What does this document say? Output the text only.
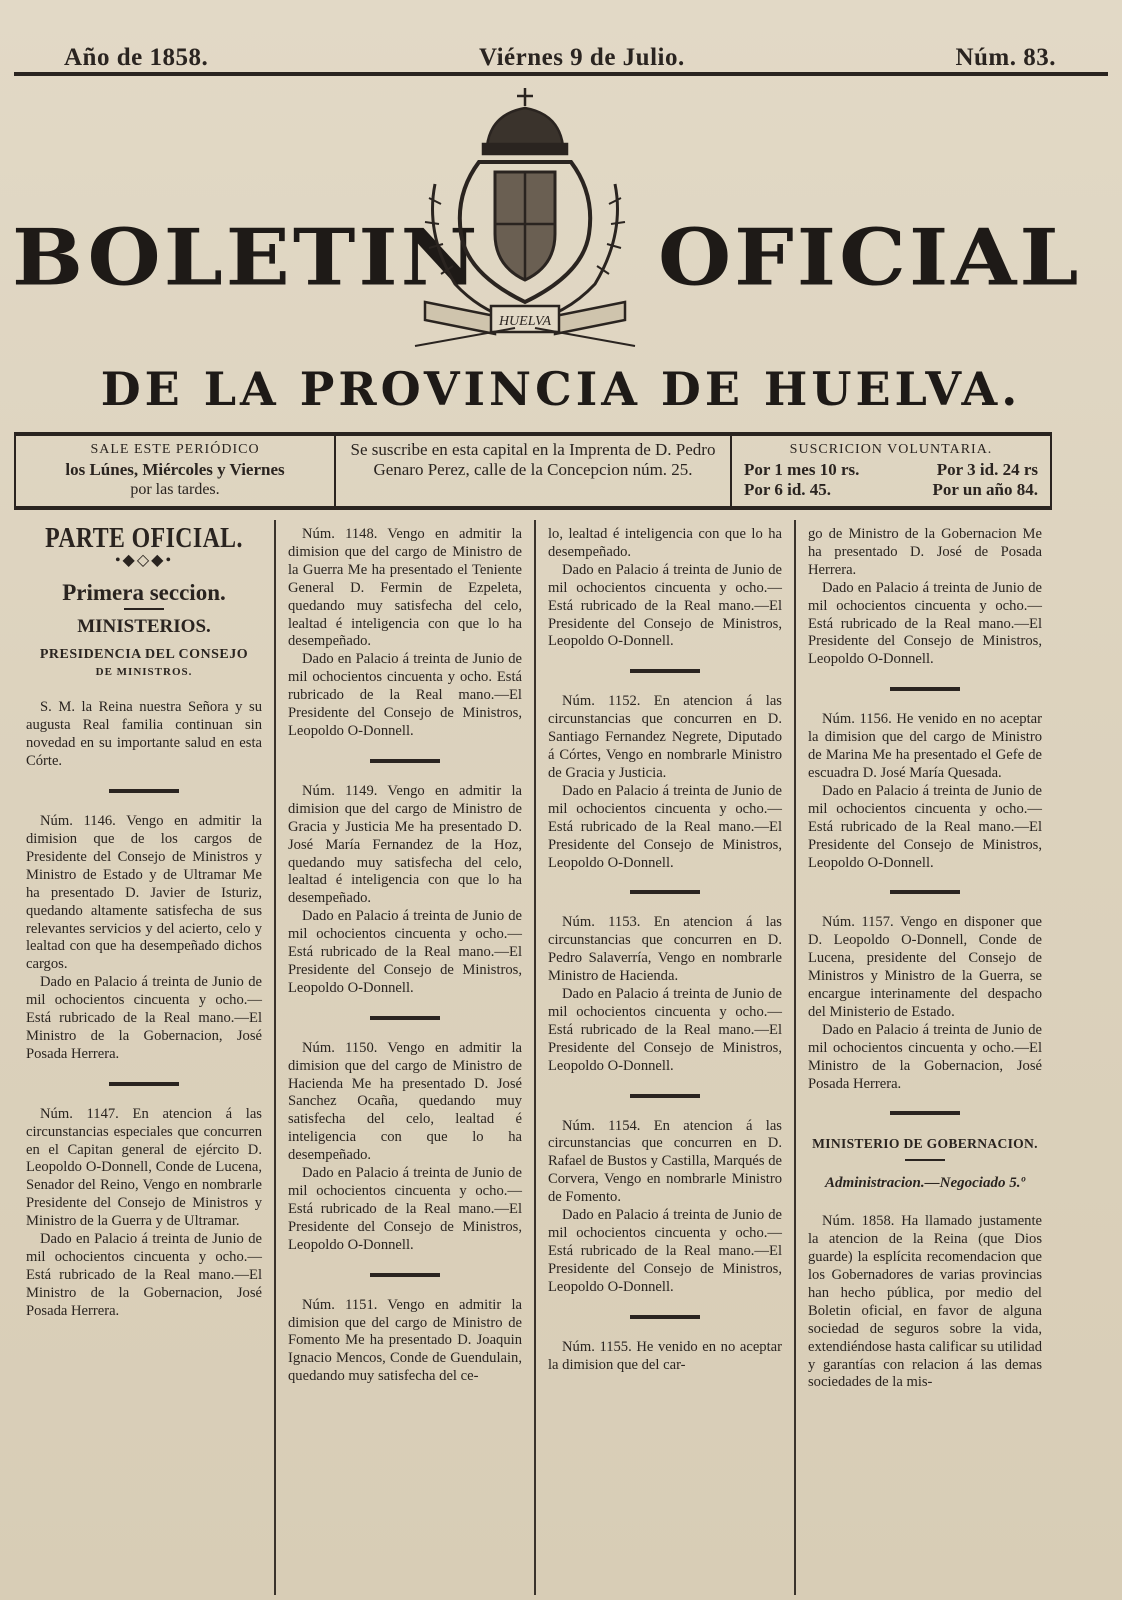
Año de 1858.	Viérnes 9 de Julio.	Núm. 83.
BOLETIN
HUELVA
OFICIAL
DE LA PROVINCIA DE HUELVA.
SALE ESTE PERIÓDICO
los Lúnes, Miércoles y Viernes
por las tardes.
Se suscribe en esta capital en la Imprenta de D. Pedro Genaro Perez, calle de la Concepcion núm. 25.
SUSCRICION VOLUNTARIA.
Por 1 mes 10 rs.	Por 3 id. 24 rs
Por 6 id. 45.	Por un año 84.
PARTE OFICIAL.
•◆◇◆•
Primera seccion.
MINISTERIOS.
PRESIDENCIA DEL CONSEJO
DE MINISTROS.

S. M. la Reina nuestra Señora y su augusta Real familia continuan sin novedad en su importante salud en esta Córte.

Núm. 1146. Vengo en admitir la dimision que de los cargos de Presidente del Consejo de Ministros y Ministro de Estado y de Ultramar Me ha presentado D. Javier de Isturiz, quedando altamente satisfecha de sus relevantes servicios y del acierto, celo y lealtad con que ha desempeñado dichos cargos.

Dado en Palacio á treinta de Junio de mil ochocientos cincuenta y ocho.—Está rubricado de la Real mano.—El Ministro de la Gobernacion, José Posada Herrera.

Núm. 1147. En atencion á las circunstancias especiales que concurren en el Capitan general de ejército D. Leopoldo O-Donnell, Conde de Lucena, Senador del Reino, Vengo en nombrarle Presidente del Consejo de Ministros y Ministro de la Guerra y de Ultramar.

Dado en Palacio á treinta de Junio de mil ochocientos cincuenta y ocho.—Está rubricado de la Real mano.—El Ministro de la Gobernacion, José Posada Herrera.

Núm. 1148. Vengo en admitir la dimision que del cargo de Ministro de la Guerra Me ha presentado el Teniente General D. Fermin de Ezpeleta, quedando muy satisfecha del celo, lealtad é inteligencia con que lo ha desempeñado.

Dado en Palacio á treinta de Junio de mil ochocientos cincuenta y ocho. Está rubricado de la Real mano.—El Presidente del Consejo de Ministros, Leopoldo O-Donnell.

Núm. 1149. Vengo en admitir la dimision que del cargo de Ministro de Gracia y Justicia Me ha presentado D. José María Fernandez de la Hoz, quedando muy satisfecha del celo, lealtad é inteligencia con que lo ha desempeñado.

Dado en Palacio á treinta de Junio de mil ochocientos cincuenta y ocho.—Está rubricado de la Real mano.—El Presidente del Consejo de Ministros, Leopoldo O-Donnell.

Núm. 1150. Vengo en admitir la dimision que del cargo de Ministro de Hacienda Me ha presentado D. José Sanchez Ocaña, quedando muy satisfecha del celo, lealtad é inteligencia con que lo ha desempeñado.

Dado en Palacio á treinta de Junio de mil ochocientos cincuenta y ocho.—Está rubricado de la Real mano.—El Presidente del Consejo de Ministros, Leopoldo O-Donnell.

Núm. 1151. Vengo en admitir la dimision que del cargo de Ministro de Fomento Me ha presentado D. Joaquin Ignacio Mencos, Conde de Guendulain, quedando muy satisfecha del ce-

lo, lealtad é inteligencia con que lo ha desempeñado.

Dado en Palacio á treinta de Junio de mil ochocientos cincuenta y ocho.—Está rubricado de la Real mano.—El Presidente del Consejo de Ministros, Leopoldo O-Donnell.

Núm. 1152. En atencion á las circunstancias que concurren en D. Santiago Fernandez Negrete, Diputado á Córtes, Vengo en nombrarle Ministro de Gracia y Justicia.

Dado en Palacio á treinta de Junio de mil ochocientos cincuenta y ocho.—Está rubricado de la Real mano.—El Presidente del Consejo de Ministros, Leopoldo O-Donnell.

Núm. 1153. En atencion á las circunstancias que concurren en D. Pedro Salaverría, Vengo en nombrarle Ministro de Hacienda.

Dado en Palacio á treinta de Junio de mil ochocientos cincuenta y ocho.—Está rubricado de la Real mano.—El Presidente del Consejo de Ministros, Leopoldo O-Donnell.

Núm. 1154. En atencion á las circunstancias que concurren en D. Rafael de Bustos y Castilla, Marqués de Corvera, Vengo en nombrarle Ministro de Fomento.

Dado en Palacio á treinta de Junio de mil ochocientos cincuenta y ocho.—Está rubricado de la Real mano.—El Presidente del Consejo de Ministros, Leopoldo O-Donnell.

Núm. 1155. He venido en no aceptar la dimision que del car-

go de Ministro de la Gobernacion Me ha presentado D. José de Posada Herrera.

Dado en Palacio á treinta de Junio de mil ochocientos cincuenta y ocho.—Está rubricado de la Real mano.—El Presidente del Consejo de Ministros, Leopoldo O-Donnell.

Núm. 1156. He venido en no aceptar la dimision que del cargo de Ministro de Marina Me ha presentado el Gefe de escuadra D. José María Quesada.

Dado en Palacio á treinta de Junio de mil ochocientos cincuenta y ocho.—Está rubricado de la Real mano.—El Presidente del Consejo de Ministros, Leopoldo O-Donnell.

Núm. 1157. Vengo en disponer que D. Leopoldo O-Donnell, Conde de Lucena, presidente del Consejo de Ministros y Ministro de la Guerra, se encargue interinamente del despacho del Ministerio de Estado.

Dado en Palacio á treinta de Junio de mil ochocientos cincuenta y ocho.—El Ministro de la Gobernacion, José Posada Herrera.

MINISTERIO DE GOBERNACION.
Administracion.—Negociado 5.º

Núm. 1858. Ha llamado justamente la atencion de la Reina (que Dios guarde) la esplícita recomendacion que los Gobernadores de varias provincias han hecho pública, por medio del Boletin oficial, en favor de alguna sociedad de seguros sobre la vida, extendiéndose hasta calificar su utilidad y garantías con relacion á las demas sociedades de la mis-
